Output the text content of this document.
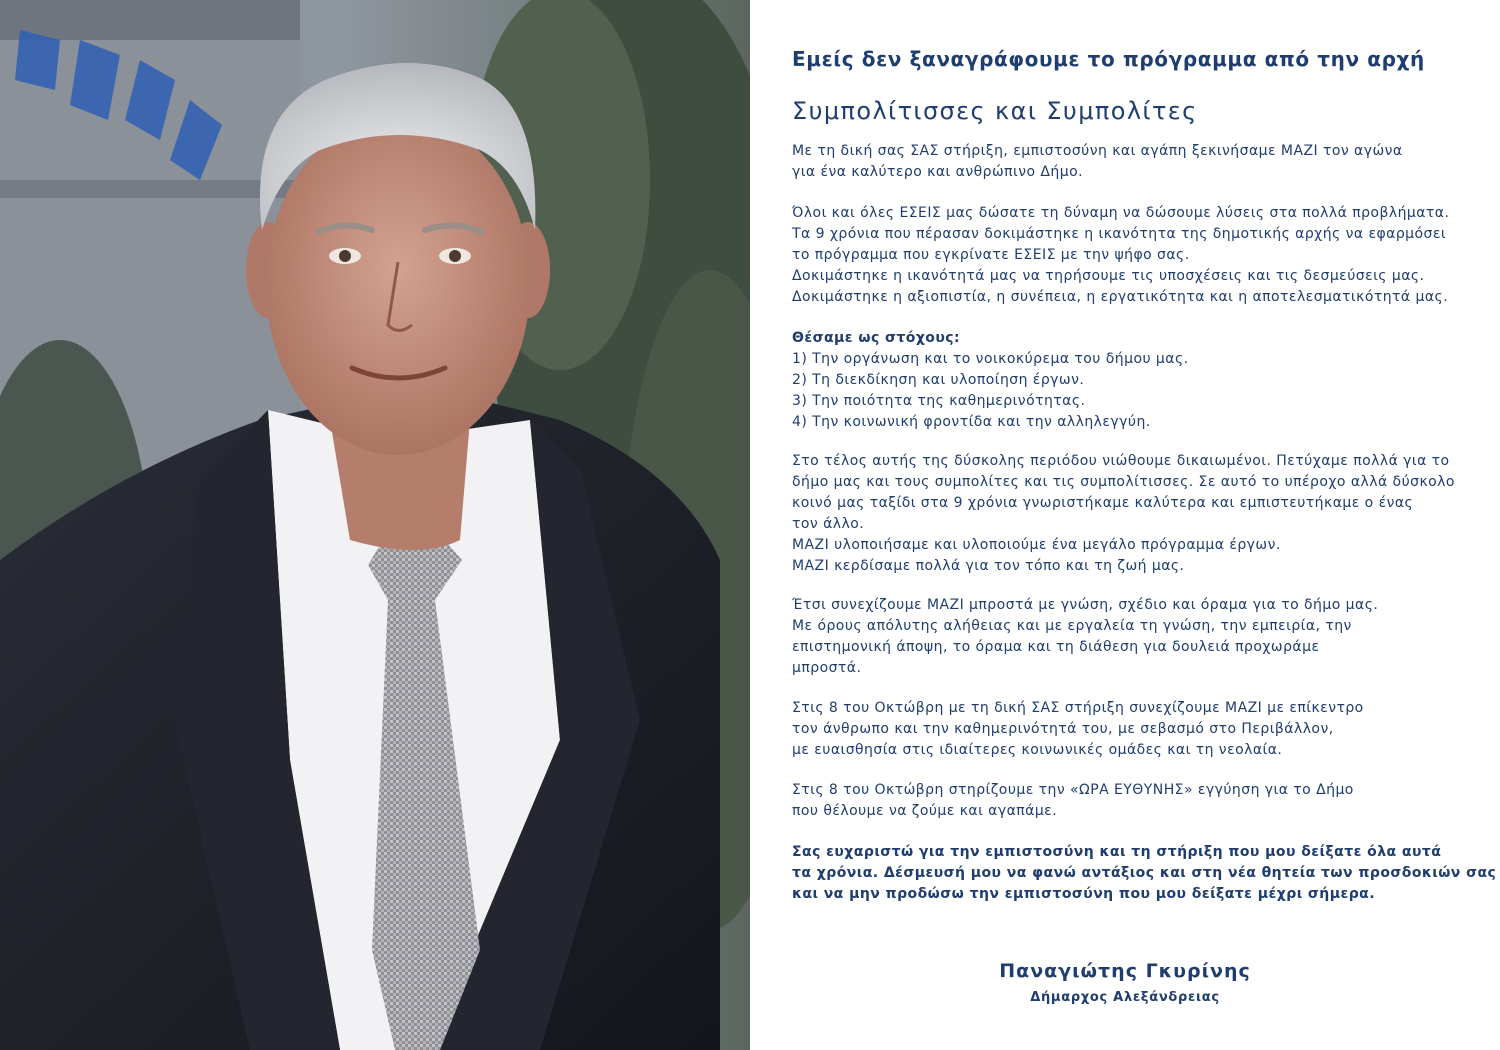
Εμείς δεν ξαναγράφουμε το πρόγραμμα από την αρχή
Συμπολίτισσες και Συμπολίτες

Με τη δική σας ΣΑΣ στήριξη, εμπιστοσύνη και αγάπη ξεκινήσαμε ΜΑΖΙ τον αγώνα
για ένα καλύτερο και ανθρώπινο Δήμο.

Όλοι και όλες ΕΣΕΙΣ μας δώσατε τη δύναμη να δώσουμε λύσεις στα πολλά προβλήματα.
Τα 9 χρόνια που πέρασαν δοκιμάστηκε η ικανότητα της δημοτικής αρχής να εφαρμόσει
το πρόγραμμα που εγκρίνατε ΕΣΕΙΣ με την ψήφο σας.
Δοκιμάστηκε η ικανότητά μας να τηρήσουμε τις υποσχέσεις και τις δεσμεύσεις μας.
Δοκιμάστηκε η αξιοπιστία, η συνέπεια, η εργατικότητα και η αποτελεσματικότητά μας.

Θέσαμε ως στόχους:
1) Την οργάνωση και το νοικοκύρεμα του δήμου μας.
2) Τη διεκδίκηση και υλοποίηση έργων.
3) Την ποιότητα της καθημερινότητας.
4) Την κοινωνική φροντίδα και την αλληλεγγύη.

Στο τέλος αυτής της δύσκολης περιόδου νιώθουμε δικαιωμένοι. Πετύχαμε πολλά για το
δήμο μας και τους συμπολίτες και τις συμπολίτισσες. Σε αυτό το υπέροχο αλλά δύσκολο
κοινό μας ταξίδι στα 9 χρόνια γνωριστήκαμε καλύτερα και εμπιστευτήκαμε ο ένας
τον άλλο.
ΜΑΖΙ υλοποιήσαμε και υλοποιούμε ένα μεγάλο πρόγραμμα έργων.
ΜΑΖΙ κερδίσαμε πολλά για τον τόπο και τη ζωή μας.

Έτσι συνεχίζουμε ΜΑΖΙ μπροστά με γνώση, σχέδιο και όραμα για το δήμο μας.
Με όρους απόλυτης αλήθειας και με εργαλεία τη γνώση, την εμπειρία, την
επιστημονική άποψη, το όραμα και τη διάθεση για δουλειά προχωράμε
μπροστά.

Στις 8 του Οκτώβρη με τη δική ΣΑΣ στήριξη συνεχίζουμε ΜΑΖΙ με επίκεντρο
τον άνθρωπο και την καθημερινότητά του, με σεβασμό στο Περιβάλλον,
με ευαισθησία στις ιδιαίτερες κοινωνικές ομάδες και τη νεολαία.

Στις 8 του Οκτώβρη στηρίζουμε την «ΩΡΑ ΕΥΘΥΝΗΣ» εγγύηση για το Δήμο
που θέλουμε να ζούμε και αγαπάμε.

Σας ευχαριστώ για την εμπιστοσύνη και τη στήριξη που μου δείξατε όλα αυτά
τα χρόνια. Δέσμευσή μου να φανώ αντάξιος και στη νέα θητεία των προσδοκιών σας
και να μην προδώσω την εμπιστοσύνη που μου δείξατε μέχρι σήμερα.

Παναγιώτης Γκυρίνης
Δήμαρχος Αλεξάνδρειας
